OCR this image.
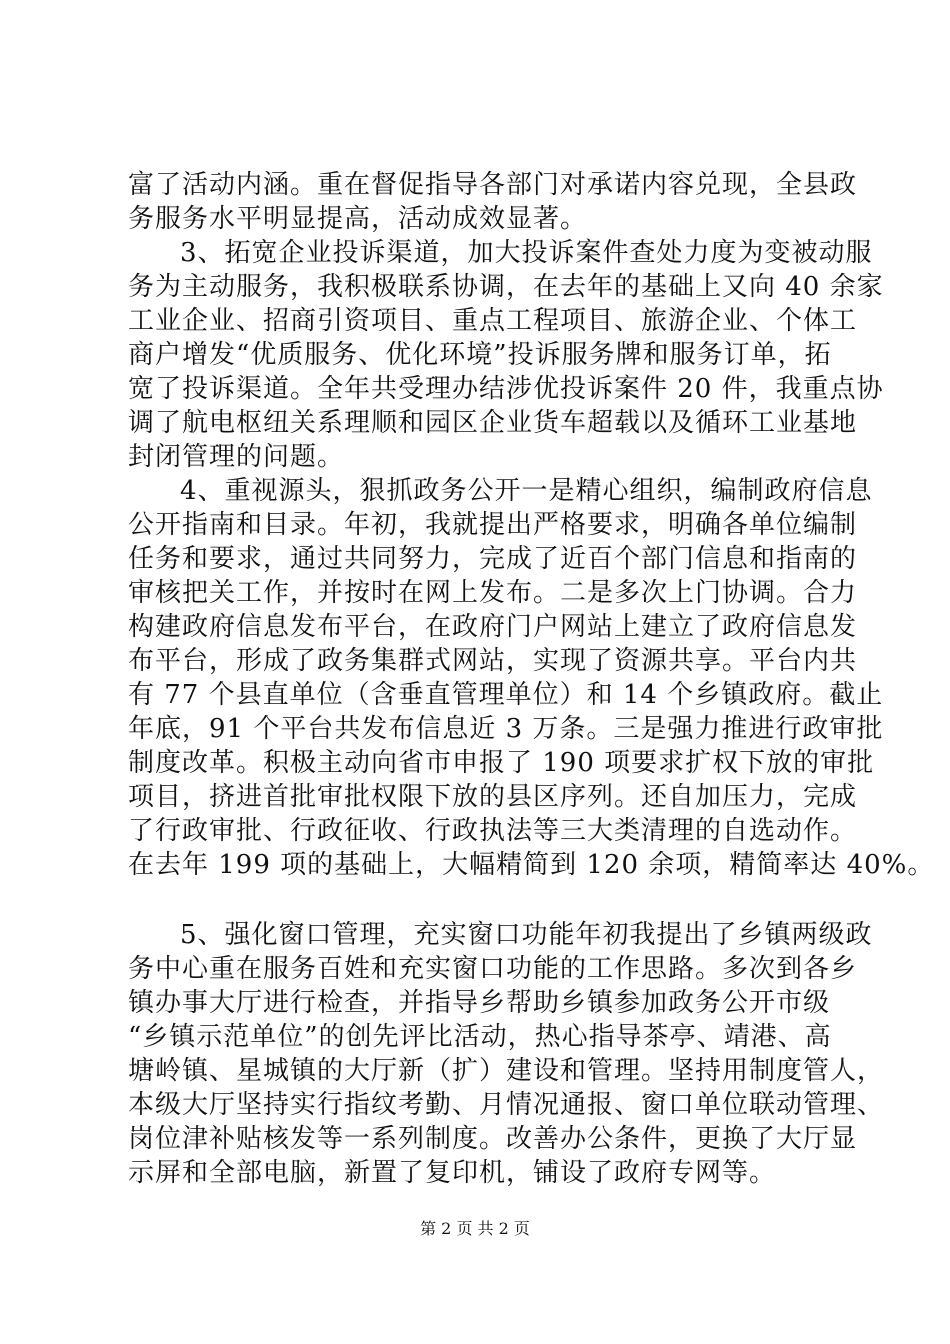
富了活动内涵。重在督促指导各部门对承诺内容兑现，全县政
务服务水平明显提高，活动成效显著。
3、拓宽企业投诉渠道，加大投诉案件查处力度为变被动服
务为主动服务，我积极联系协调，在去年的基础上又向 40 余家
工业企业、招商引资项目、重点工程项目、旅游企业、个体工
商户增发“优质服务、优化环境”投诉服务牌和服务订单，拓
宽了投诉渠道。全年共受理办结涉优投诉案件 20 件，我重点协
调了航电枢纽关系理顺和园区企业货车超载以及循环工业基地
封闭管理的问题。
4、重视源头，狠抓政务公开一是精心组织，编制政府信息
公开指南和目录。年初，我就提出严格要求，明确各单位编制
任务和要求，通过共同努力，完成了近百个部门信息和指南的
审核把关工作，并按时在网上发布。二是多次上门协调。合力
构建政府信息发布平台，在政府门户网站上建立了政府信息发
布平台，形成了政务集群式网站，实现了资源共享。平台内共
有 77 个县直单位（含垂直管理单位）和 14 个乡镇政府。截止
年底，91 个平台共发布信息近 3 万条。三是强力推进行政审批
制度改革。积极主动向省市申报了 190 项要求扩权下放的审批
项目，挤进首批审批权限下放的县区序列。还自加压力，完成
了行政审批、行政征收、行政执法等三大类清理的自选动作。
在去年 199 项的基础上，大幅精简到 120 余项，精简率达 40%。
5、强化窗口管理，充实窗口功能年初我提出了乡镇两级政
务中心重在服务百姓和充实窗口功能的工作思路。多次到各乡
镇办事大厅进行检查，并指导乡帮助乡镇参加政务公开市级
“乡镇示范单位”的创先评比活动，热心指导茶亭、靖港、高
塘岭镇、星城镇的大厅新（扩）建设和管理。坚持用制度管人，
本级大厅坚持实行指纹考勤、月情况通报、窗口单位联动管理、
岗位津补贴核发等一系列制度。改善办公条件，更换了大厅显
示屏和全部电脑，新置了复印机，铺设了政府专网等。
第 2 页 共 2 页
